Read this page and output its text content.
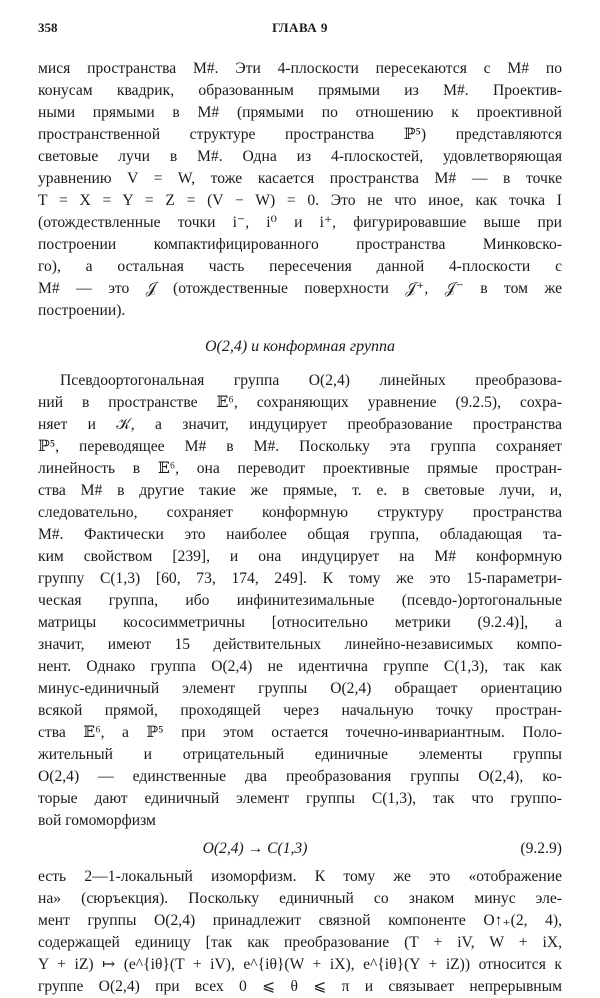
358	ГЛАВА 9
мися пространства М#. Эти 4-плоскости пересекаются с М# по
конусам квадрик, образованным прямыми из М#. Проектив-
ными прямыми в М# (прямыми по отношению к проективной
пространственной структуре пространства ℙ⁵) представляются
световые лучи в М#. Одна из 4-плоскостей, удовлетворяющая
уравнению V = W, тоже касается пространства М# — в точке
T = X = Y = Z = (V − W) = 0. Это не что иное, как точка I
(отождествленные точки i⁻, i⁰ и i⁺, фигурировавшие выше при
построении компактифицированного пространства Минковско-
го), а остальная часть пересечения данной 4-плоскости с
М# — это 𝒥 (отождественные поверхности 𝒥⁺, 𝒥⁻ в том же
построении).
O(2,4) и конформная группа
Псевдоортогональная группа O(2,4) линейных преобразова-
ний в пространстве 𝔼⁶, сохраняющих уравнение (9.2.5), сохра-
няет и 𝒦, а значит, индуцирует преобразование пространства
ℙ⁵, переводящее М# в М#. Поскольку эта группа сохраняет
линейность в 𝔼⁶, она переводит проективные прямые простран-
ства М# в другие такие же прямые, т. е. в световые лучи, и,
следовательно, сохраняет конформную структуру пространства
М#. Фактически это наиболее общая группа, обладающая та-
ким свойством [239], и она индуцирует на М# конформную
группу C(1,3) [60, 73, 174, 249]. К тому же это 15-параметри-
ческая группа, ибо инфинитезимальные (псевдо-)ортогональные
матрицы кососимметричны [относительно метрики (9.2.4)], а
значит, имеют 15 действительных линейно-независимых компо-
нент. Однако группа O(2,4) не идентична группе C(1,3), так как
минус-единичный элемент группы O(2,4) обращает ориентацию
всякой прямой, проходящей через начальную точку простран-
ства 𝔼⁶, а ℙ⁵ при этом остается точечно-инвариантным. Поло-
жительный и отрицательный единичные элементы группы
O(2,4) — единственные два преобразования группы O(2,4), ко-
торые дают единичный элемент группы C(1,3), так что группо-
вой гомоморфизм
O(2,4) → C(1,3)	(9.2.9)
есть 2—1-локальный изоморфизм. К тому же это «отображение
на» (сюръекция). Поскольку единичный со знаком минус эле-
мент группы O(2,4) принадлежит связной компоненте O↑₊(2, 4),
содержащей единицу [так как преобразование (T + iV, W + iX,
Y + iZ) ↦ (e^{iθ}(T + iV), e^{iθ}(W + iX), e^{iθ}(Y + iZ)) относится к
группе O(2,4) при всех 0 ⩽ θ ⩽ π и связывает непрерывным
